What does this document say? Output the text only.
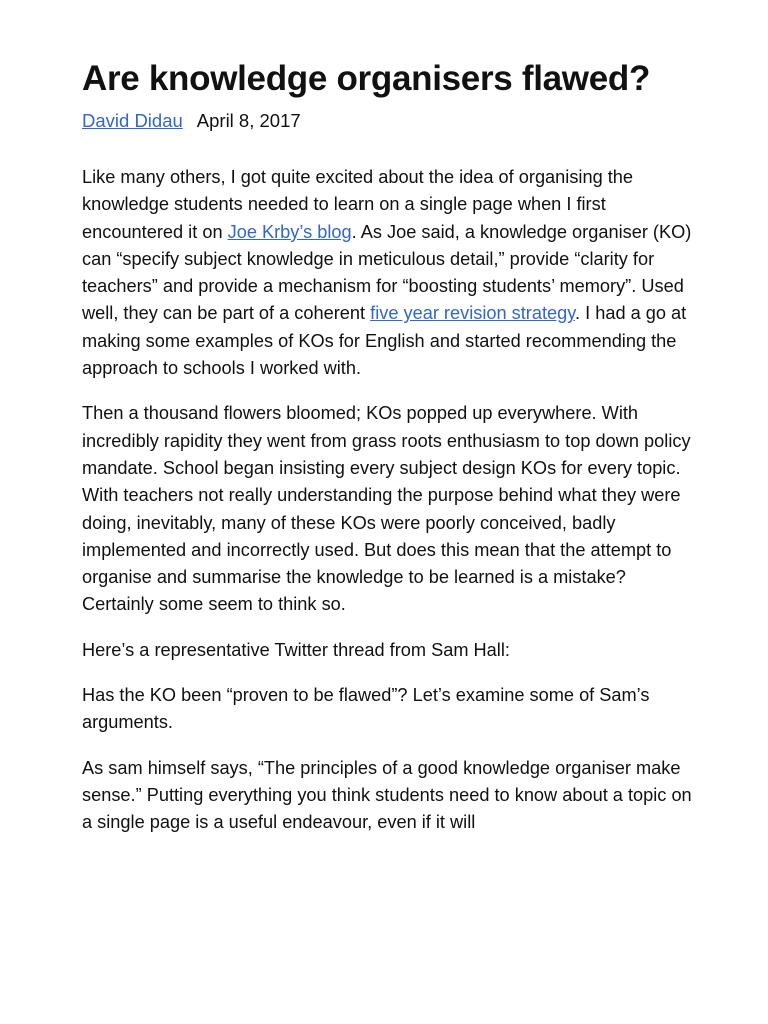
Are knowledge organisers flawed?
David Didau April 8, 2017

Like many others, I got quite excited about the idea of organising the knowledge students needed to learn on a single page when I first encountered it on Joe Krby’s blog. As Joe said, a knowledge organiser (KO) can “specify subject knowledge in meticulous detail,” provide “clarity for teachers” and provide a mechanism for “boosting students’ memory”. Used well, they can be part of a coherent five year revision strategy. I had a go at making some examples of KOs for English and started recommending the approach to schools I worked with.

Then a thousand flowers bloomed; KOs popped up everywhere. With incredibly rapidity they went from grass roots enthusiasm to top down policy mandate. School began insisting every subject design KOs for every topic. With teachers not really understanding the purpose behind what they were doing, inevitably, many of these KOs were poorly conceived, badly implemented and incorrectly used. But does this mean that the attempt to organise and summarise the knowledge to be learned is a mistake? Certainly some seem to think so.

Here’s a representative Twitter thread from Sam Hall:

Has the KO been “proven to be flawed”? Let’s examine some of Sam’s arguments.

As sam himself says, “The principles of a good knowledge organiser make sense.” Putting everything you think students need to know about a topic on a single page is a useful endeavour, even if it will
